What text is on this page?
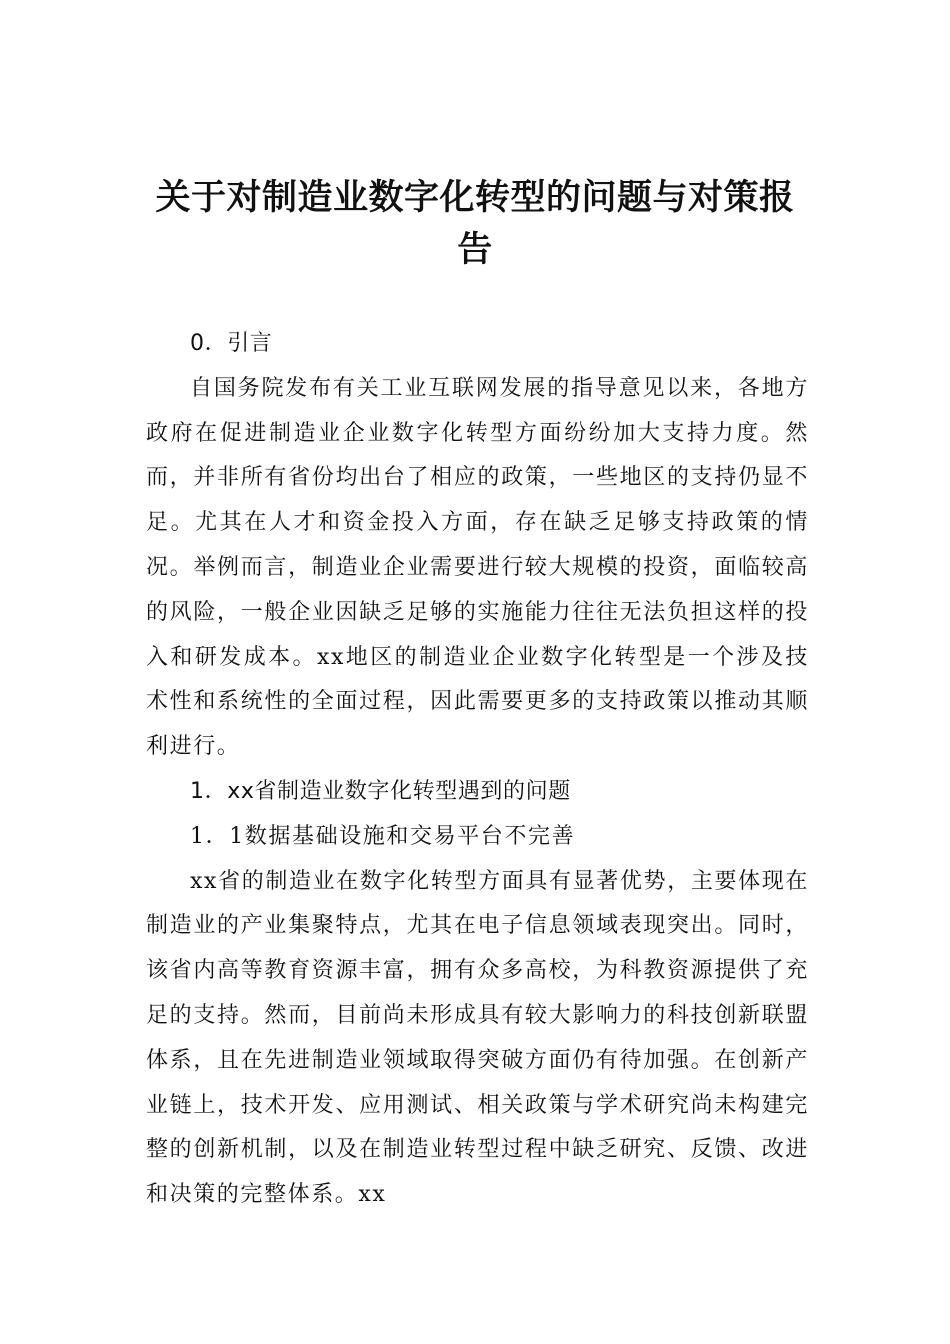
关于对制造业数字化转型的问题与对策报告

0．引言

自国务院发布有关工业互联网发展的指导意见以来，各地方政府在促进制造业企业数字化转型方面纷纷加大支持力度。然而，并非所有省份均出台了相应的政策，一些地区的支持仍显不足。尤其在人才和资金投入方面，存在缺乏足够支持政策的情况。举例而言，制造业企业需要进行较大规模的投资，面临较高的风险，一般企业因缺乏足够的实施能力往往无法负担这样的投入和研发成本。xx地区的制造业企业数字化转型是一个涉及技术性和系统性的全面过程，因此需要更多的支持政策以推动其顺利进行。

1．xx省制造业数字化转型遇到的问题

1．1数据基础设施和交易平台不完善

xx省的制造业在数字化转型方面具有显著优势，主要体现在制造业的产业集聚特点，尤其在电子信息领域表现突出。同时，该省内高等教育资源丰富，拥有众多高校，为科教资源提供了充足的支持。然而，目前尚未形成具有较大影响力的科技创新联盟体系，且在先进制造业领域取得突破方面仍有待加强。在创新产业链上，技术开发、应用测试、相关政策与学术研究尚未构建完整的创新机制，以及在制造业转型过程中缺乏研究、反馈、改进和决策的完整体系。xx
